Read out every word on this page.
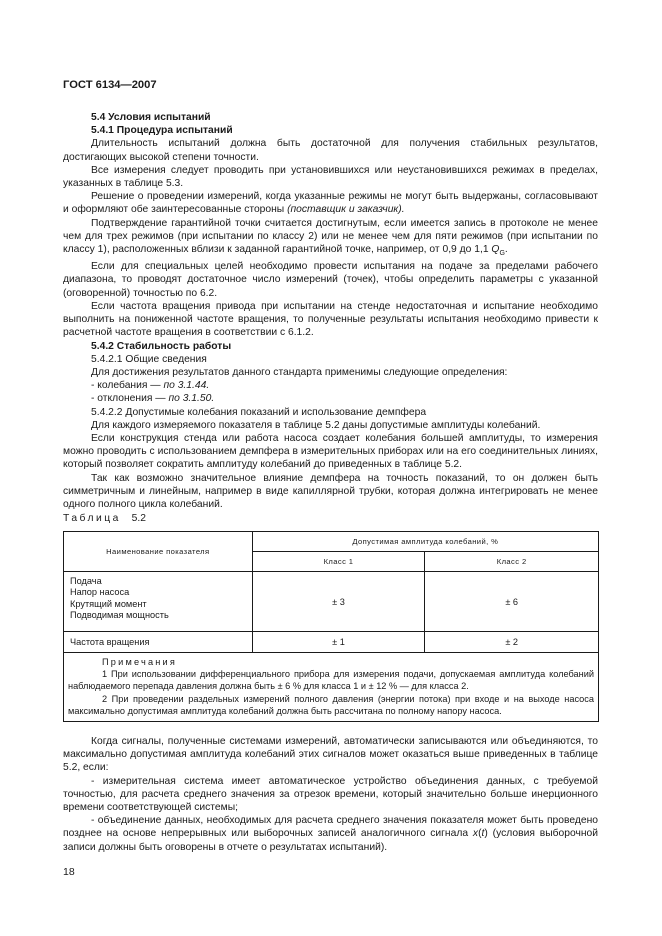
ГОСТ 6134—2007

5.4 Условия испытаний

5.4.1 Процедура испытаний

Длительность испытаний должна быть достаточной для получения стабильных результатов, достигающих высокой степени точности.

Все измерения следует проводить при установившихся или неустановившихся режимах в пределах, указанных в таблице 5.3.

Решение о проведении измерений, когда указанные режимы не могут быть выдержаны, согласовывают и оформляют обе заинтересованные стороны (поставщик и заказчик).

Подтверждение гарантийной точки считается достигнутым, если имеется запись в протоколе не менее чем для трех режимов (при испытании по классу 2) или не менее чем для пяти режимов (при испытании по классу 1), расположенных вблизи к заданной гарантийной точке, например, от 0,9 до 1,1 $Q_G$.

Если для специальных целей необходимо провести испытания на подаче за пределами рабочего диапазона, то проводят достаточное число измерений (точек), чтобы определить параметры с указанной (оговоренной) точностью по 6.2.

Если частота вращения привода при испытании на стенде недостаточная и испытание необходимо выполнить на пониженной частоте вращения, то полученные результаты испытания необходимо привести к расчетной частоте вращения в соответствии с 6.1.2.

5.4.2 Стабильность работы

5.4.2.1 Общие сведения

Для достижения результатов данного стандарта применимы следующие определения:

- колебания — по 3.1.44.

- отклонения — по 3.1.50.

5.4.2.2 Допустимые колебания показаний и использование демпфера

Для каждого измеряемого показателя в таблице 5.2 даны допустимые амплитуды колебаний.

Если конструкция стенда или работа насоса создает колебания большей амплитуды, то измерения можно проводить с использованием демпфера в измерительных приборах или на его соединительных линиях, который позволяет сократить амплитуду колебаний до приведенных в таблице 5.2.

Так как возможно значительное влияние демпфера на точность показаний, то он должен быть симметричным и линейным, например в виде капиллярной трубки, которая должна интегрировать не менее одного полного цикла колебаний.

Таблица 5.2
Наименование показателя	Допустимая амплитуда колебаний, %	
	Класс 1	Класс 2

Подача
Напор насоса
Крутящий момент
Подводимая мощность	± 3	± 6
Частота вращения	± 1	± 2

Примечания

1 При использовании дифференциального прибора для измерения подачи, допускаемая амплитуда колебаний наблюдаемого перепада давления должна быть ± 6 % для класса 1 и ± 12 % — для класса 2.

2 При проведении раздельных измерений полного давления (энергии потока) при входе и на выходе насоса максимально допустимая амплитуда колебаний должна быть рассчитана по полному напору насоса.		

Когда сигналы, полученные системами измерений, автоматически записываются или объединяются, то максимально допустимая амплитуда колебаний этих сигналов может оказаться выше приведенных в таблице 5.2, если:

- измерительная система имеет автоматическое устройство объединения данных, с требуемой точностью, для расчета среднего значения за отрезок времени, который значительно больше инерционного времени соответствующей системы;

- объединение данных, необходимых для расчета среднего значения показателя может быть проведено позднее на основе непрерывных или выборочных записей аналогичного сигнала x(t) (условия выборочной записи должны быть оговорены в отчете о результатах испытаний).

18
